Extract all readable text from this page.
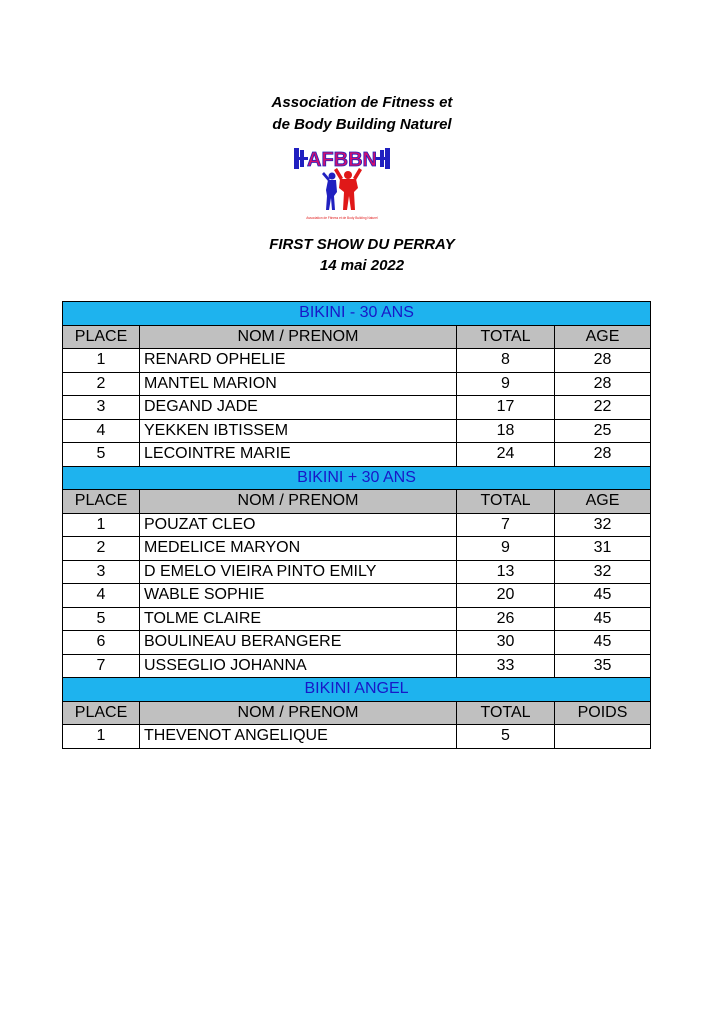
Association de Fitness et
de Body Building Naturel
AFBBN
Association de Fitness et de Body Building Naturel
FIRST SHOW DU PERRAY
14 mai 2022
BIKINI - 30 ANS			
PLACE	NOM / PRENOM	TOTAL	AGE
1	RENARD OPHELIE	8	28
2	MANTEL MARION	9	28
3	DEGAND JADE	17	22
4	YEKKEN IBTISSEM	18	25
5	LECOINTRE MARIE	24	28
BIKINI + 30 ANS			
PLACE	NOM / PRENOM	TOTAL	AGE
1	POUZAT CLEO	7	32
2	MEDELICE MARYON	9	31
3	D EMELO VIEIRA PINTO EMILY	13	32
4	WABLE SOPHIE	20	45
5	TOLME CLAIRE	26	45
6	BOULINEAU BERANGERE	30	45
7	USSEGLIO JOHANNA	33	35
BIKINI ANGEL			
PLACE	NOM / PRENOM	TOTAL	POIDS
1	THEVENOT ANGELIQUE	5	
